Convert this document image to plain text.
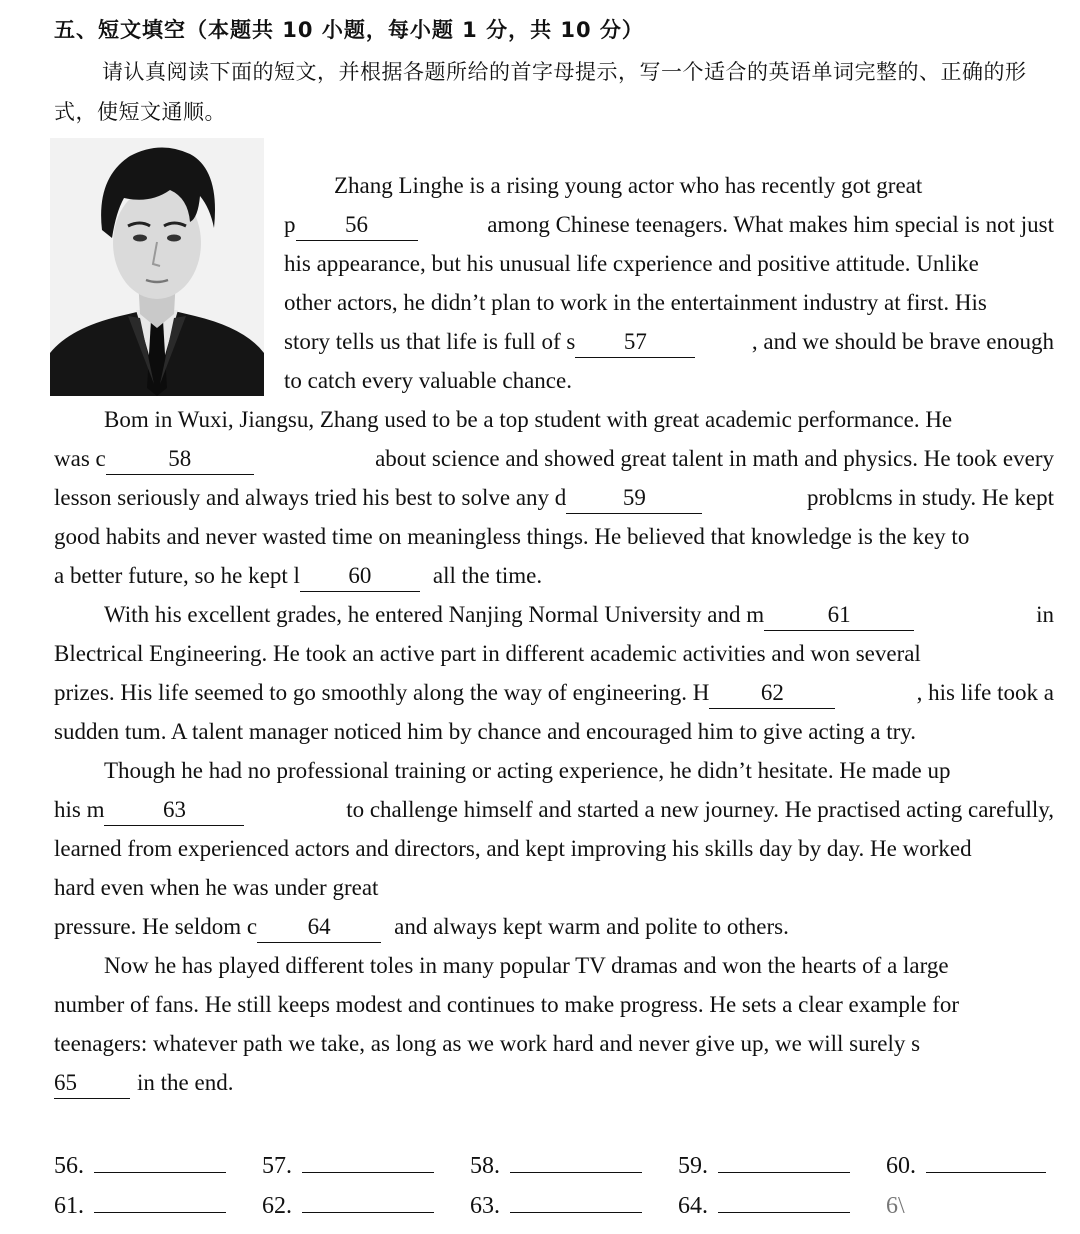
五、短文填空（本题共 10 小题，每小题 1 分，共 10 分）
请认真阅读下面的短文，并根据各题所给的首字母提示，写一个适合的英语单词完整的、正确的形式，使短文通顺。
Zhang Linghe is a rising young actor who has recently got great
p 56	among Chinese teenagers. What makes him special is not just
his appearance, but his unusual life cxperience and positive attitude. Unlike
other actors, he didn’t plan to work in the entertainment industry at first. His
story tells us that life is full of s 57	, and we should be brave enough
to catch every valuable chance.
Bom in Wuxi, Jiangsu, Zhang used to be a top student with great academic performance. He
was c	58	about science and showed great talent in math and physics. He took every
lesson seriously and always tried his best to solve any d 59	problcms in study. He kept
good habits and never wasted time on meaningless things. He believed that knowledge is the key to
a better future, so he kept l 60	all the time.
With his excellent grades, he entered Nanjing Normal University and m	61	in
Blectrical Engineering. He took an active part in different academic activities and won several
prizes. His life seemed to go smoothly along the way of engineering. H 62	, his life took a
sudden tum. A talent manager noticed him by chance and encouraged him to give acting a try.
Though he had no professional training or acting experience, he didn’t hesitate. He made up
his m	63	to challenge himself and started a new journey. He practised acting carefully,
learned from experienced actors and directors, and kept improving his skills day by day. He worked
hard even when he was under great
pressure. He seldom c 64	and always kept warm and polite to others.
Now he has played different toles in many popular TV dramas and won the hearts of a large
number of fans. He still keeps modest and continues to make progress. He sets a clear example for
teenagers: whatever path we take, as long as we work hard and never give up, we will surely s
65	in the end.
56.	57.	58.	59.	60.
61.	62.	63.	64.	6\
